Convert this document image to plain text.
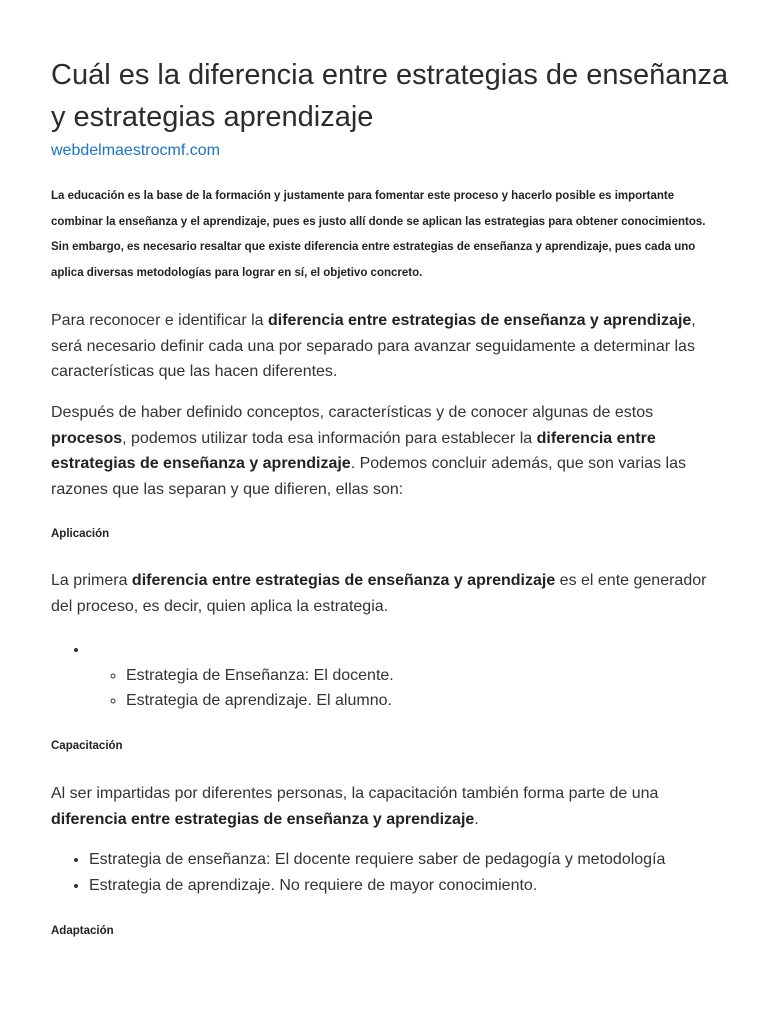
Cuál es la diferencia entre estrategias de enseñanza y estrategias aprendizaje
webdelmaestrocmf.com

La educación es la base de la formación y justamente para fomentar este proceso y hacerlo posible es importante combinar la enseñanza y el aprendizaje, pues es justo allí donde se aplican las estrategias para obtener conocimientos. Sin embargo, es necesario resaltar que existe diferencia entre estrategias de enseñanza y aprendizaje, pues cada uno aplica diversas metodologías para lograr en sí, el objetivo concreto.

Para reconocer e identificar la diferencia entre estrategias de enseñanza y aprendizaje, será necesario definir cada una por separado para avanzar seguidamente a determinar las características que las hacen diferentes.

Después de haber definido conceptos, características y de conocer algunas de estos procesos, podemos utilizar toda esa información para establecer la diferencia entre estrategias de enseñanza y aprendizaje. Podemos concluir además, que son varias las razones que las separan y que difieren, ellas son:

Aplicación

La primera diferencia entre estrategias de enseñanza y aprendizaje es el ente generador del proceso, es decir, quien aplica la estrategia.

◦ • Estrategia de Enseñanza: El docente.
◦ Estrategia de aprendizaje. El alumno.
Capacitación

Al ser impartidas por diferentes personas, la capacitación también forma parte de una diferencia entre estrategias de enseñanza y aprendizaje.

• Estrategia de enseñanza: El docente requiere saber de pedagogía y metodología
• Estrategia de aprendizaje. No requiere de mayor conocimiento.
Adaptación
